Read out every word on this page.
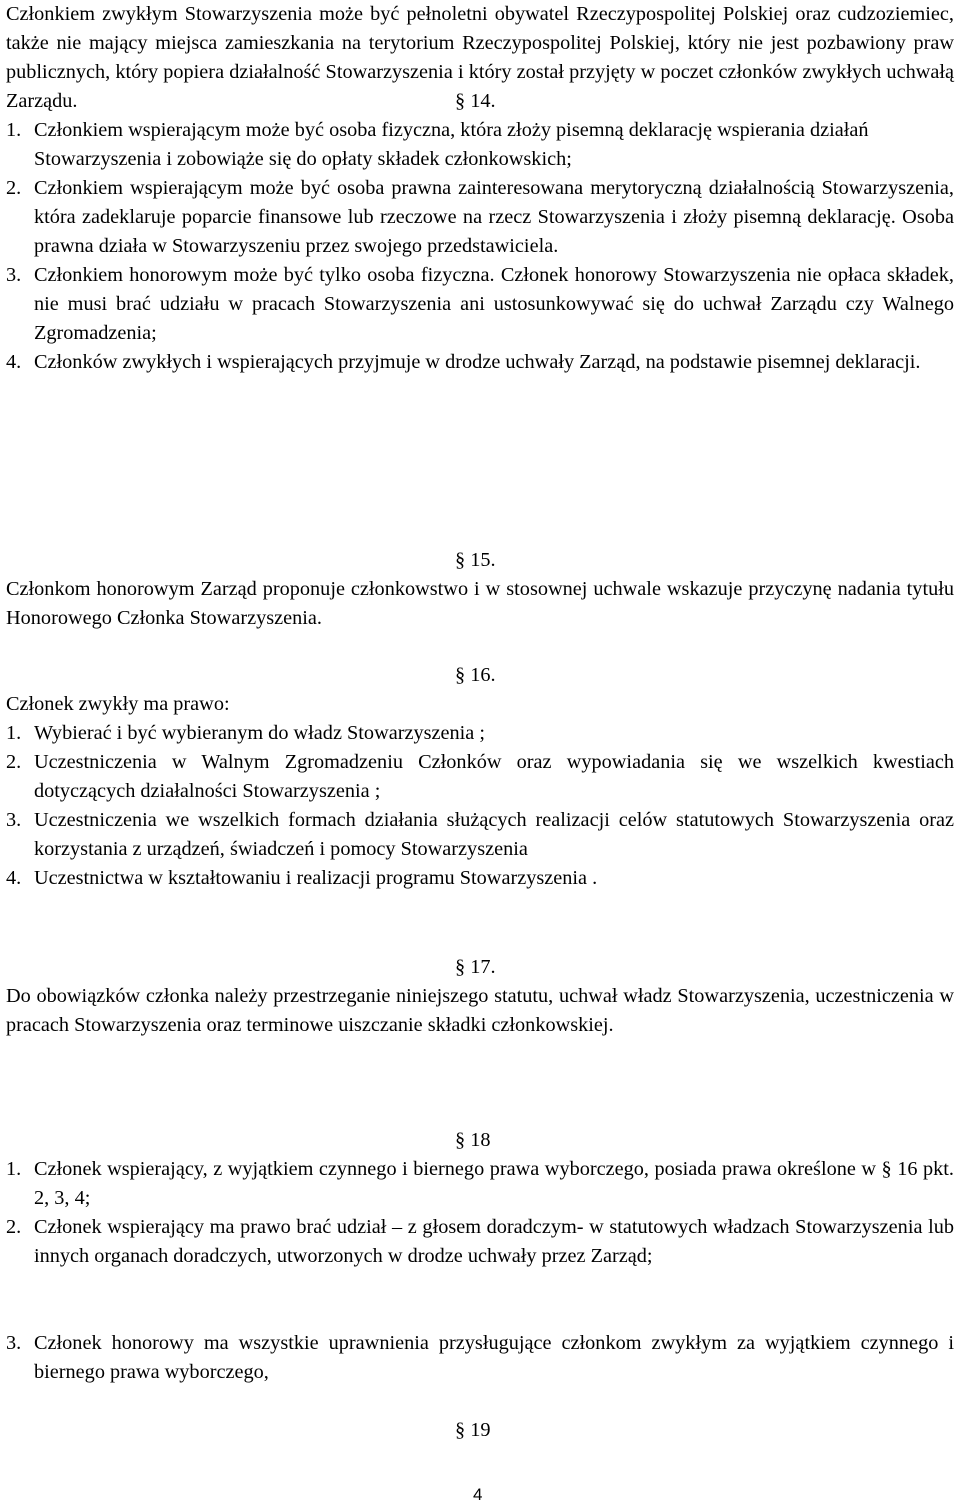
Członkiem zwykłym Stowarzyszenia może być pełnoletni obywatel Rzeczypospolitej Polskiej oraz cudzoziemiec, także nie mający miejsca zamieszkania na terytorium Rzeczypospolitej Polskiej, który nie jest pozbawiony praw publicznych, który popiera działalność Stowarzyszenia i który został przyjęty w poczet członków zwykłych uchwałą Zarządu.	§ 14.

1. Członkiem wspierającym może być osoba fizyczna, która złoży pisemną deklarację wspierania działań Stowarzyszenia i zobowiąże się do opłaty składek członkowskich;
2. Członkiem wspierającym może być osoba prawna zainteresowana merytoryczną działalnością Stowarzyszenia, która zadeklaruje poparcie finansowe lub rzeczowe na rzecz Stowarzyszenia i złoży pisemną deklarację. Osoba prawna działa w Stowarzyszeniu przez swojego przedstawiciela.
3. Członkiem honorowym może być tylko osoba fizyczna. Członek honorowy Stowarzyszenia nie opłaca składek, nie musi brać udziału w pracach Stowarzyszenia ani ustosunkowywać się do uchwał Zarządu czy Walnego Zgromadzenia;
4. Członków zwykłych i wspierających przyjmuje w drodze uchwały Zarząd, na podstawie pisemnej deklaracji.

§ 15.

Członkom honorowym Zarząd proponuje członkowstwo i w stosownej uchwale wskazuje przyczynę nadania tytułu Honorowego Członka Stowarzyszenia.

§ 16.

Członek zwykły ma prawo:

1. Wybierać i być wybieranym do władz Stowarzyszenia ;
2. Uczestniczenia w Walnym Zgromadzeniu Członków oraz wypowiadania się we wszelkich kwestiach dotyczących działalności Stowarzyszenia ;
3. Uczestniczenia we wszelkich formach działania służących realizacji celów statutowych Stowarzyszenia oraz korzystania z urządzeń, świadczeń i pomocy Stowarzyszenia
4. Uczestnictwa w kształtowaniu i realizacji programu Stowarzyszenia .

§ 17.

Do obowiązków członka należy przestrzeganie niniejszego statutu, uchwał władz Stowarzyszenia, uczestniczenia w pracach Stowarzyszenia oraz terminowe uiszczanie składki członkowskiej.

§ 18

1. Członek wspierający, z wyjątkiem czynnego i biernego prawa wyborczego, posiada prawa określone w § 16 pkt. 2, 3, 4;
2. Członek wspierający ma prawo brać udział – z głosem doradczym- w statutowych władzach Stowarzyszenia lub innych organach doradczych, utworzonych w drodze uchwały przez Zarząd;
3. Członek honorowy ma wszystkie uprawnienia przysługujące członkom zwykłym za wyjątkiem czynnego i biernego prawa wyborczego,

§ 19

4
